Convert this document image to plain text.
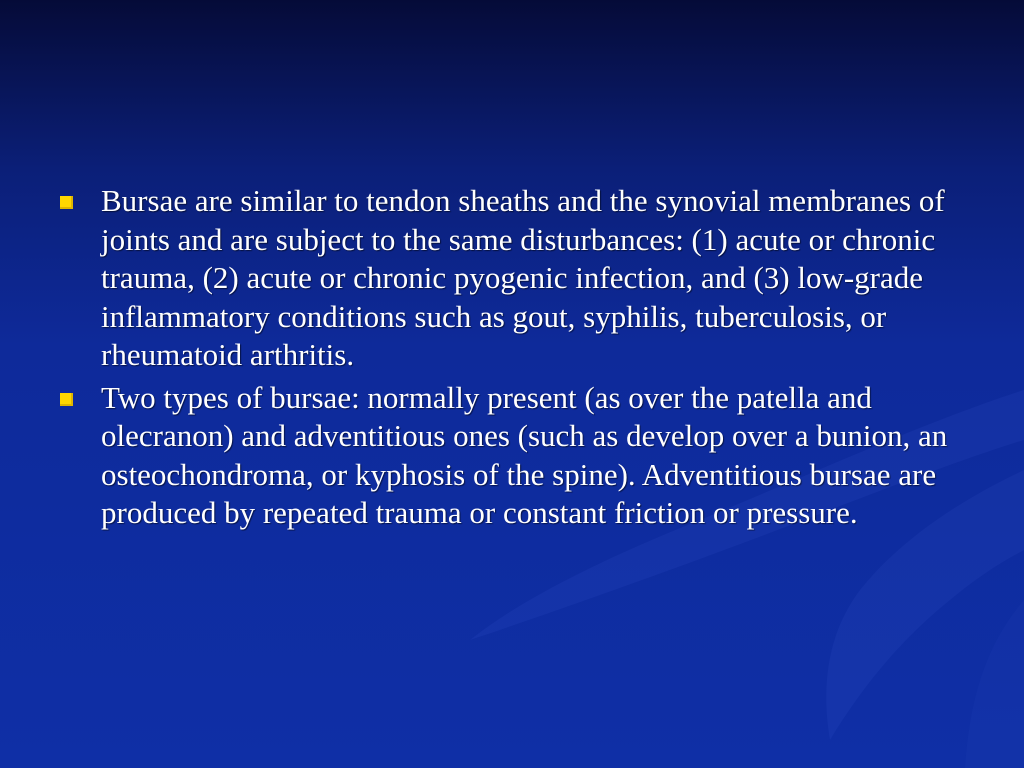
Bursae are similar to tendon sheaths and the synovial membranes of joints and are subject to the same disturbances: (1) acute or chronic trauma, (2) acute or chronic pyogenic infection, and (3) low-grade inflammatory conditions such as gout, syphilis, tuberculosis, or rheumatoid arthritis.
Two types of bursae: normally present (as over the patella and olecranon) and adventitious ones (such as develop over a bunion, an osteochondroma, or kyphosis of the spine). Adventitious bursae are produced by repeated trauma or constant friction or pressure.
